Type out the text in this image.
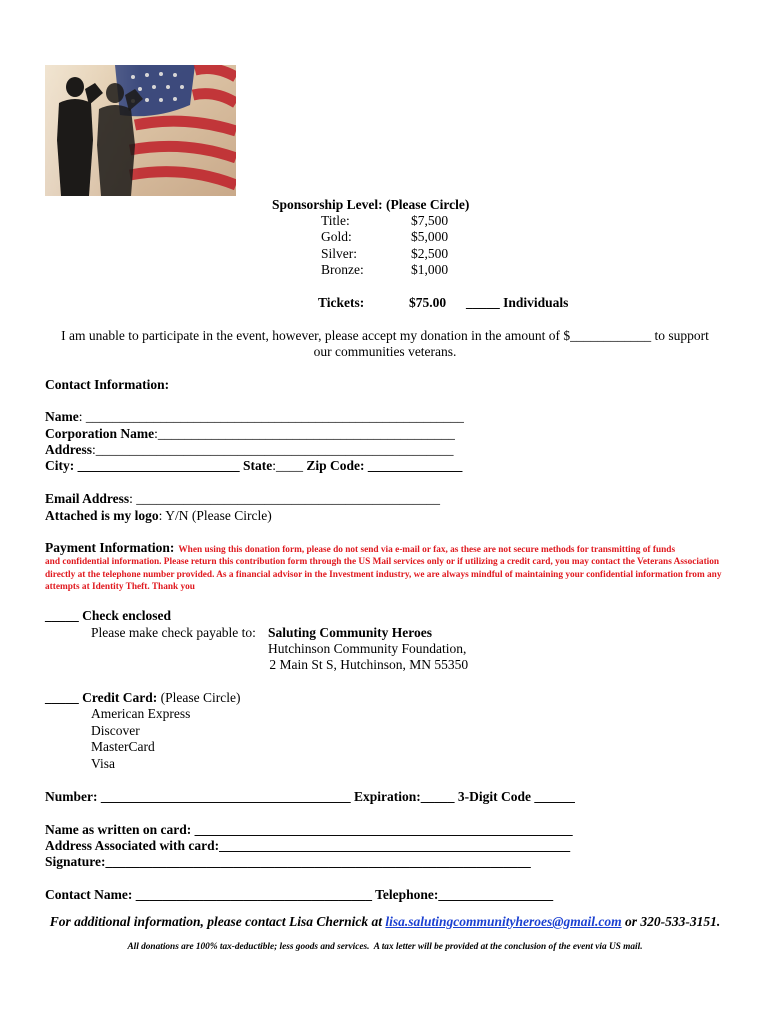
Sponsorship Level: (Please Circle)
Title:	$7,500
Gold:	$5,000
Silver:	$2,500
Bronze:	$1,000
Tickets:	$75.00 _____ Individuals
I am unable to participate in the event, however, please accept my donation in the amount of $____________ to support
our communities veterans.
Contact Information:
Name: ________________________________________________________
Corporation Name:____________________________________________
Address:_____________________________________________________
City: ________________________ State:____ Zip Code: ______________
Email Address: _____________________________________________
Attached is my logo: Y/N (Please Circle)
Payment Information: When using this donation form, please do not send via e-mail or fax, as these are not secure methods for transmitting of funds
and confidential information. Please return this contribution form through the US Mail services only or if utilizing a credit card, you may contact the Veterans Association directly at the telephone number provided. As a financial advisor in the Investment industry, we are always mindful of maintaining your confidential information from any attempts at Identity Theft. Thank you
_____ Check enclosed
Please make check payable to: Saluting Community Heroes
Hutchinson Community Foundation,
2 Main St S, Hutchinson, MN 55350
_____ Credit Card: (Please Circle)
American Express
Discover
MasterCard
Visa
Number: _____________________________________ Expiration:_____ 3-Digit Code ______
Name as written on card: ________________________________________________________
Address Associated with card:____________________________________________________
Signature:_______________________________________________________________
Contact Name: ___________________________________ Telephone:_________________
For additional information, please contact Lisa Chernick at lisa.salutingcommunityheroes@gmail.com or 320-533-3151.
All donations are 100% tax-deductible; less goods and services.  A tax letter will be provided at the conclusion of the event via US mail.
